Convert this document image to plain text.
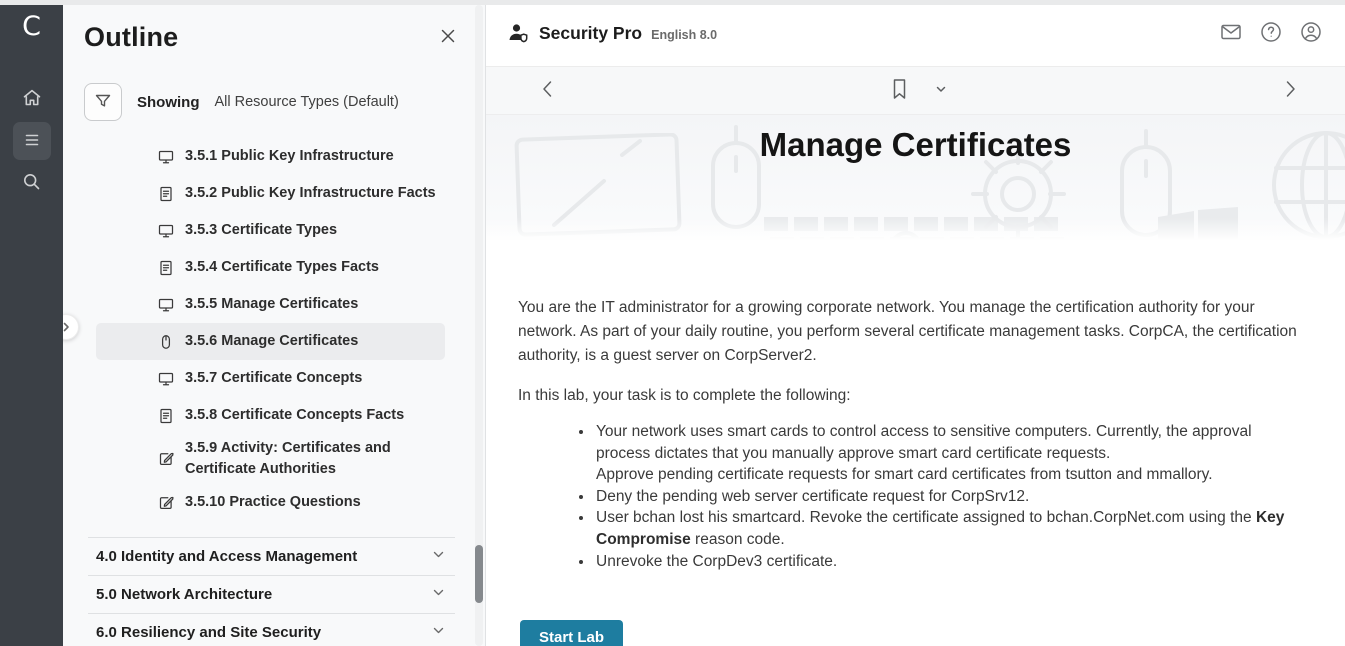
C Outline
Showing All Resource Types (Default)
3.5.1 Public Key Infrastructure
3.5.2 Public Key Infrastructure Facts
3.5.3 Certificate Types
3.5.4 Certificate Types Facts
3.5.5 Manage Certificates
3.5.6 Manage Certificates
3.5.7 Certificate Concepts
3.5.8 Certificate Concepts Facts
3.5.9 Activity: Certificates and Certificate Authorities
3.5.10 Practice Questions
4.0 Identity and Access Management
5.0 Network Architecture
6.0 Resiliency and Site Security
Security Pro English 8.0
Manage Certificates

You are the IT administrator for a growing corporate network. You manage the certification authority for your network. As part of your daily routine, you perform several certificate management tasks. CorpCA, the certification authority, is a guest server on CorpServer2.

In this lab, your task is to complete the following:

• Your network uses smart cards to control access to sensitive computers. Currently, the approval process dictates that you manually approve smart card certificate requests.
Approve pending certificate requests for smart card certificates from tsutton and mmallory.
• Deny the pending web server certificate request for CorpSrv12.
• User bchan lost his smartcard. Revoke the certificate assigned to bchan.CorpNet.com using the Key Compromise reason code.
• Unrevoke the CorpDev3 certificate.
Start Lab
